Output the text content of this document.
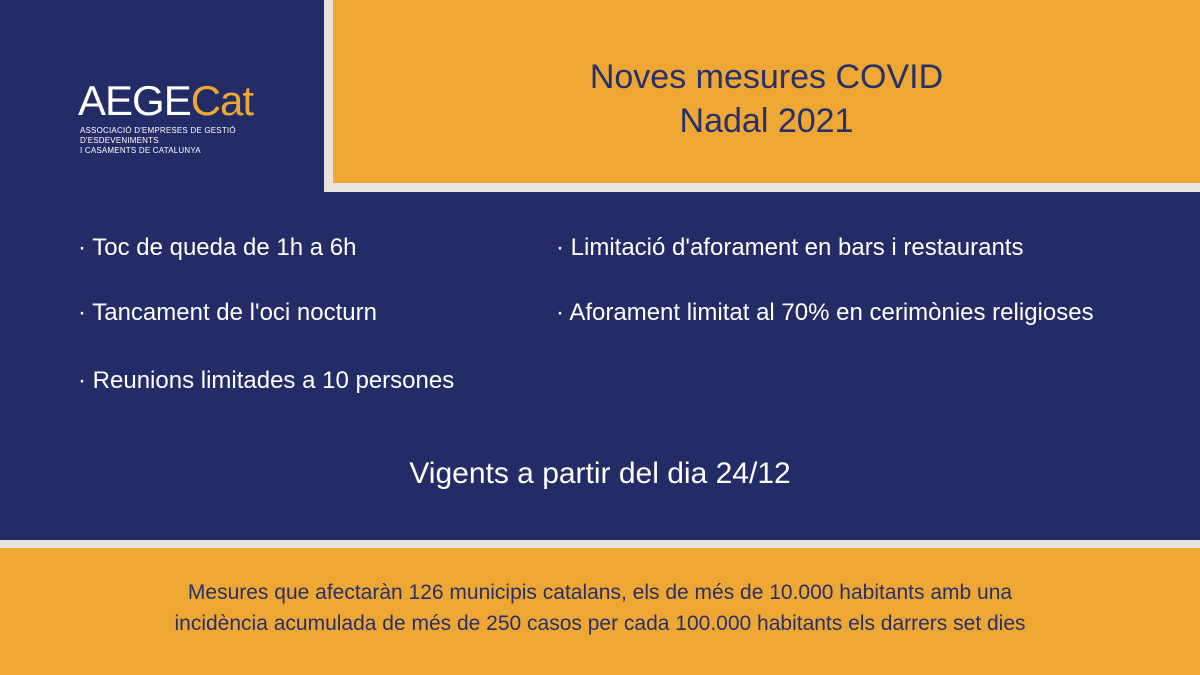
Noves mesures COVID
Nadal 2021
AEGECat
ASSOCIACIÓ D'EMPRESES DE GESTIÓ D'ESDEVENIMENTS
I CASAMENTS DE CATALUNYA
· Toc de queda de 1h a 6h
· Tancament de l'oci nocturn
· Reunions limitades a 10 persones
· Limitació d'aforament en bars i restaurants
· Aforament limitat al 70% en cerimònies religioses
Vigents a partir del dia 24/12
Mesures que afectaràn 126 municipis catalans, els de més de 10.000 habitants amb una
incidència acumulada de més de 250 casos per cada 100.000 habitants els darrers set dies
